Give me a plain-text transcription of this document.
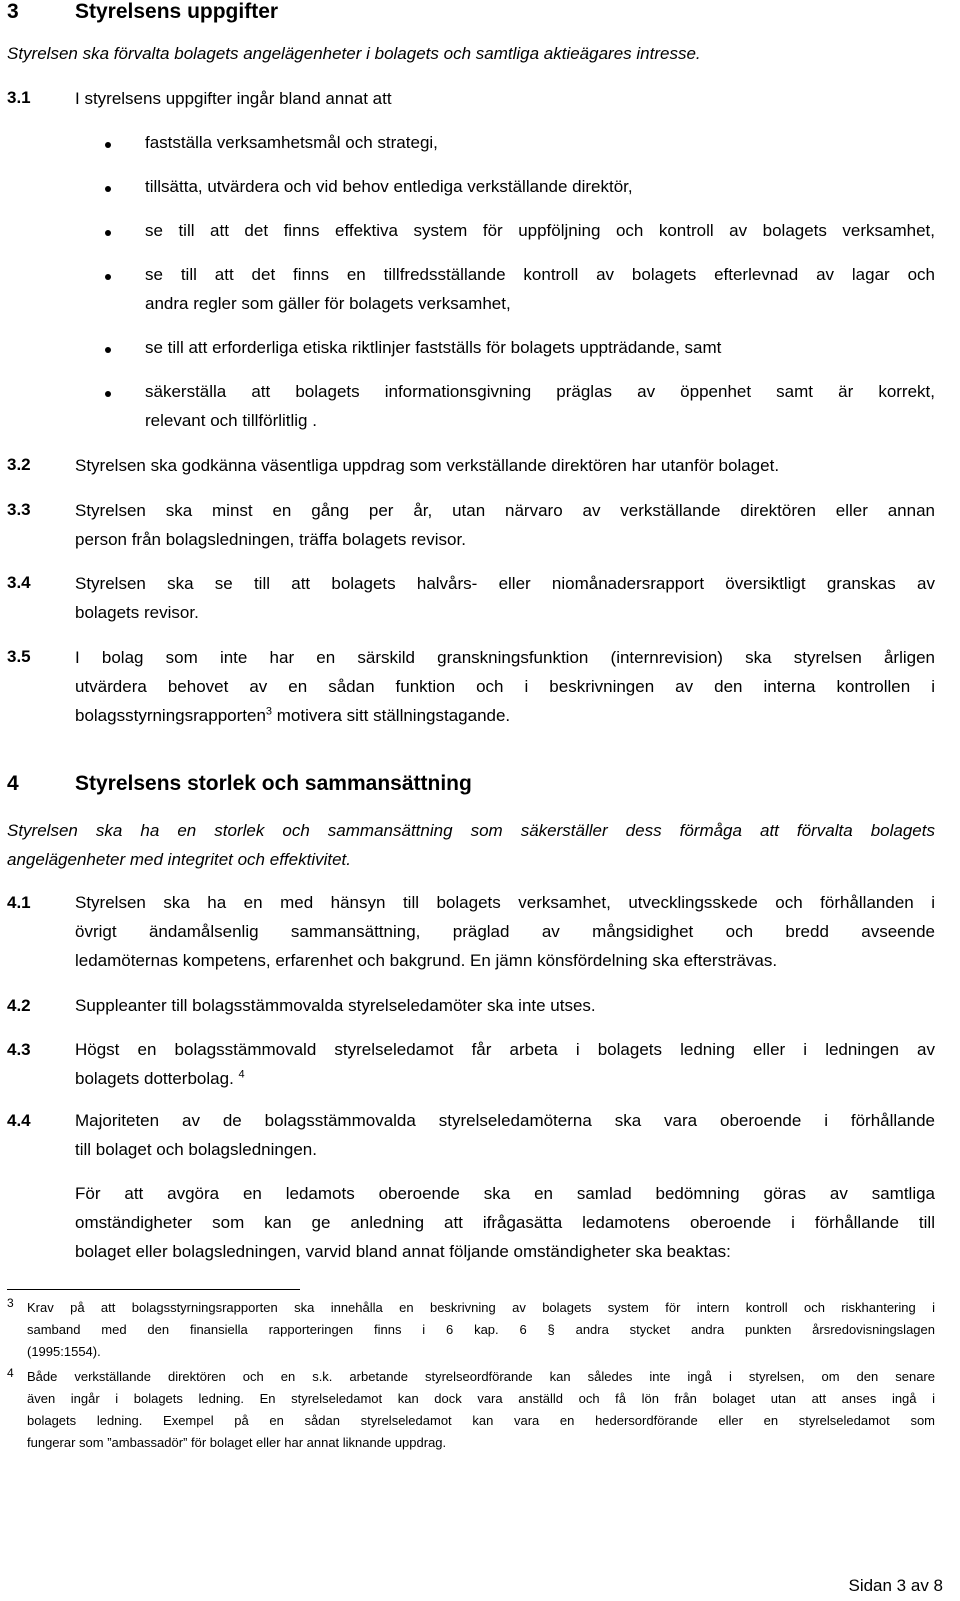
3	Styrelsens uppgifter
Styrelsen ska förvalta bolagets angelägenheter i bolagets och samtliga aktieägares intresse.
3.1	I styrelsens uppgifter ingår bland annat att
fastställa verksamhetsmål och strategi,
tillsätta, utvärdera och vid behov entlediga verkställande direktör,
se till att det finns effektiva system för uppföljning och kontroll av bolagets verksamhet,
se till att det finns en tillfredsställande kontroll av bolagets efterlevnad av lagar och
andra regler som gäller för bolagets verksamhet,
se till att erforderliga etiska riktlinjer fastställs för bolagets uppträdande, samt
säkerställa att bolagets informationsgivning präglas av öppenhet samt är korrekt,
relevant och tillförlitlig .
3.2	Styrelsen ska godkänna väsentliga uppdrag som verkställande direktören har utanför bolaget.
3.3	Styrelsen ska minst en gång per år, utan närvaro av verkställande direktören eller annan
person från bolagsledningen, träffa bolagets revisor.
3.4	Styrelsen ska se till att bolagets halvårs- eller niomånadersrapport översiktligt granskas av
bolagets revisor.
3.5	I bolag som inte har en särskild granskningsfunktion (internrevision) ska styrelsen årligen
utvärdera behovet av en sådan funktion och i beskrivningen av den interna kontrollen i
bolagsstyrningsrapporten$^3$ motivera sitt ställningstagande.
4	Styrelsens storlek och sammansättning
Styrelsen ska ha en storlek och sammansättning som säkerställer dess förmåga att förvalta bolagets
angelägenheter med integritet och effektivitet.
4.1	Styrelsen ska ha en med hänsyn till bolagets verksamhet, utvecklingsskede och förhållanden i
övrigt ändamålsenlig sammansättning, präglad av mångsidighet och bredd avseende
ledamöternas kompetens, erfarenhet och bakgrund. En jämn könsfördelning ska eftersträvas.
4.2	Suppleanter till bolagsstämmovalda styrelseledamöter ska inte utses.
4.3	Högst en bolagsstämmovald styrelseledamot får arbeta i bolagets ledning eller i ledningen av
bolagets dotterbolag. $^4$
4.4	Majoriteten av de bolagsstämmovalda styrelseledamöterna ska vara oberoende i förhållande
till bolaget och bolagsledningen.
För att avgöra en ledamots oberoende ska en samlad bedömning göras av samtliga
omständigheter som kan ge anledning att ifrågasätta ledamotens oberoende i förhållande till
bolaget eller bolagsledningen, varvid bland annat följande omständigheter ska beaktas:
3 Krav på att bolagsstyrningsrapporten ska innehålla en beskrivning av bolagets system för intern kontroll och riskhantering i
samband med den finansiella rapporteringen finns i 6 kap. 6 § andra stycket andra punkten årsredovisningslagen
(1995:1554).
4 Både verkställande direktören och en s.k. arbetande styrelseordförande kan således inte ingå i styrelsen, om den senare
även ingår i bolagets ledning. En styrelseledamot kan dock vara anställd och få lön från bolaget utan att anses ingå i
bolagets ledning. Exempel på en sådan styrelseledamot kan vara en hedersordförande eller en styrelseledamot som
fungerar som ”ambassadör” för bolaget eller har annat liknande uppdrag.
Sidan 3 av 8
